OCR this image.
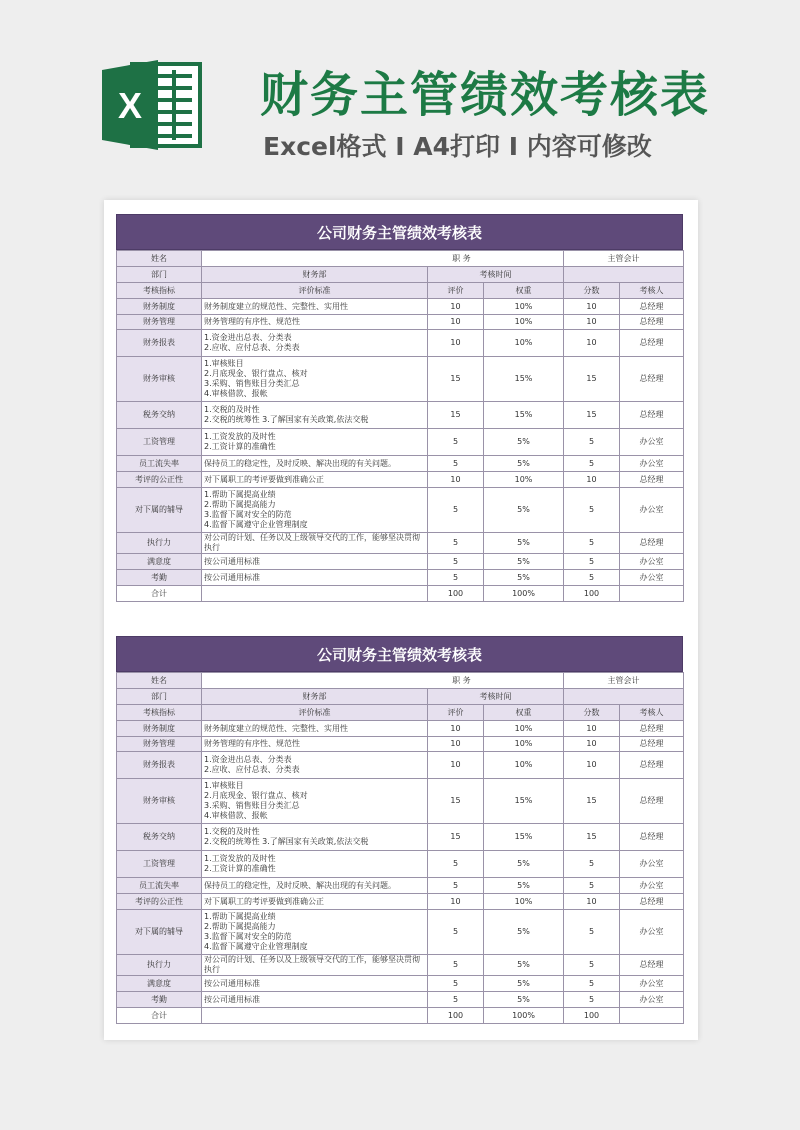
X 财务主管绩效考核表
Excel格式 I A4打印 I 内容可修改
公司财务主管绩效考核表
姓名	职 务			主管会计	
部门	财务部	考核时间			
考核指标	评价标准	评价	权重	分数	考核人
财务制度	财务制度建立的规范性、完整性、实用性	10	10%	10	总经理
财务管理	财务管理的有序性、规范性	10	10%	10	总经理
财务报表	1.资金进出总表、分类表
2.应收、应付总表、分类表	10	10%	10	总经理
财务审核	1.审核账目
2.月底现金、银行盘点、核对
3.采购、销售账目分类汇总
4.审核借款、报帐	15	15%	15	总经理
税务交纳	1.交税的及时性
2.交税的统筹性 3.了解国家有关政策,依法交税	15	15%	15	总经理
工资管理	1.工资发放的及时性
2.工资计算的准确性	5	5%	5	办公室
员工流失率	保持员工的稳定性，及时反映、解决出现的有关问题。	5	5%	5	办公室
考评的公正性	对下属职工的考评要做到准确公正	10	10%	10	总经理
对下属的辅导	1.帮助下属提高业绩
2.帮助下属提高能力
3.监督下属对安全的防范
4.监督下属遵守企业管理制度	5	5%	5	办公室
执行力	对公司的计划、任务以及上级领导交代的工作，能够坚决贯彻执行	5	5%	5	总经理
满意度	按公司通用标准	5	5%	5	办公室
考勤	按公司通用标准	5	5%	5	办公室
合计		100	100%	100	
公司财务主管绩效考核表
姓名	职 务			主管会计	
部门	财务部	考核时间			
考核指标	评价标准	评价	权重	分数	考核人
财务制度	财务制度建立的规范性、完整性、实用性	10	10%	10	总经理
财务管理	财务管理的有序性、规范性	10	10%	10	总经理
财务报表	1.资金进出总表、分类表
2.应收、应付总表、分类表	10	10%	10	总经理
财务审核	1.审核账目
2.月底现金、银行盘点、核对
3.采购、销售账目分类汇总
4.审核借款、报帐	15	15%	15	总经理
税务交纳	1.交税的及时性
2.交税的统筹性 3.了解国家有关政策,依法交税	15	15%	15	总经理
工资管理	1.工资发放的及时性
2.工资计算的准确性	5	5%	5	办公室
员工流失率	保持员工的稳定性，及时反映、解决出现的有关问题。	5	5%	5	办公室
考评的公正性	对下属职工的考评要做到准确公正	10	10%	10	总经理
对下属的辅导	1.帮助下属提高业绩
2.帮助下属提高能力
3.监督下属对安全的防范
4.监督下属遵守企业管理制度	5	5%	5	办公室
执行力	对公司的计划、任务以及上级领导交代的工作，能够坚决贯彻执行	5	5%	5	总经理
满意度	按公司通用标准	5	5%	5	办公室
考勤	按公司通用标准	5	5%	5	办公室
合计		100	100%	100	
